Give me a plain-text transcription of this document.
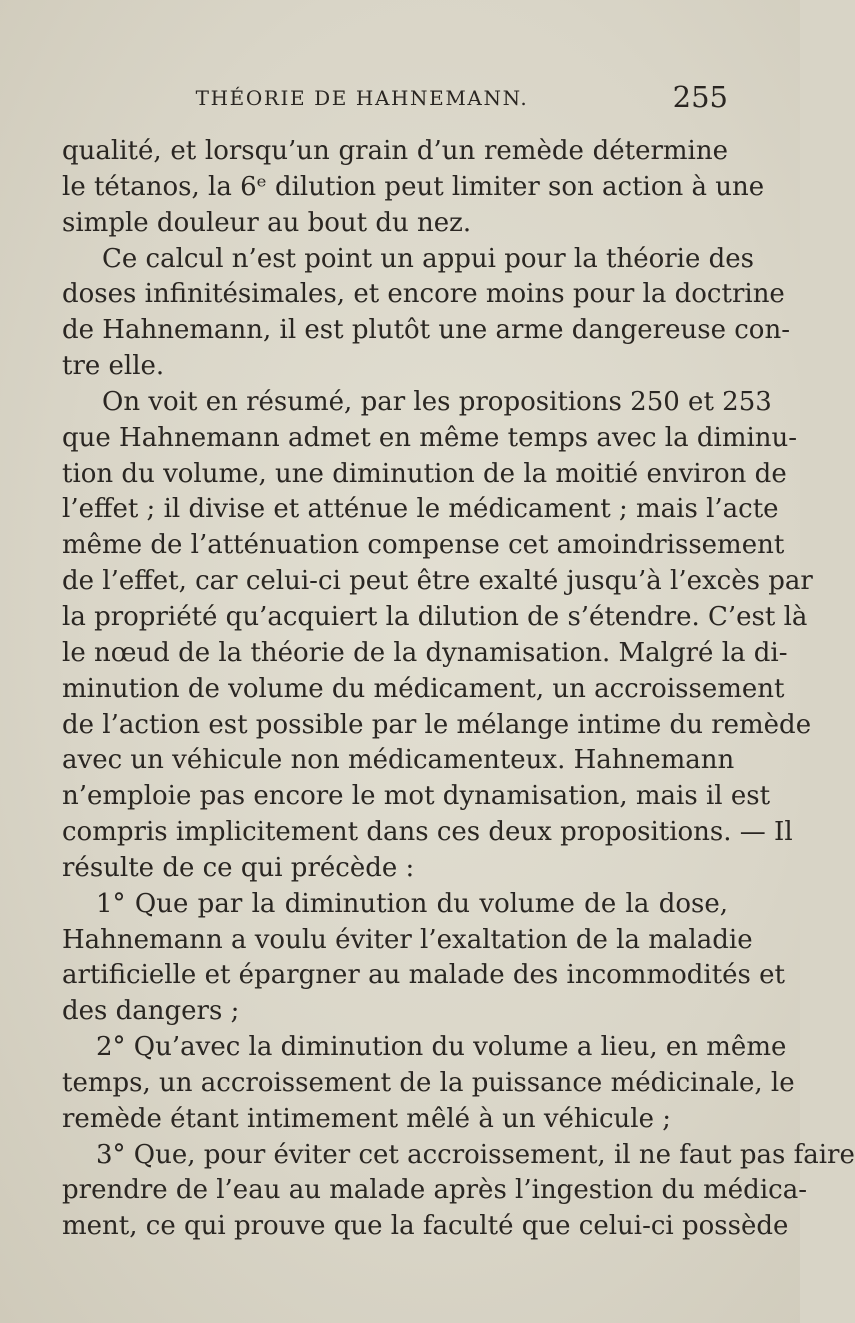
THÉORIE DE HAHNEMANN.	255
qualité, et lorsqu’un grain d’un remède détermine
le tétanos, la 6ᵉ dilution peut limiter son action à une
simple douleur au bout du nez.
Ce calcul n’est point un appui pour la théorie des
doses infinitésimales, et encore moins pour la doctrine
de Hahnemann, il est plutôt une arme dangereuse con-
tre elle.
On voit en résumé, par les propositions 250 et 253
que Hahnemann admet en même temps avec la diminu-
tion du volume, une diminution de la moitié environ de
l’effet ; il divise et atténue le médicament ; mais l’acte
même de l’atténuation compense cet amoindrissement
de l’effet, car celui-ci peut être exalté jusqu’à l’excès par
la propriété qu’acquiert la dilution de s’étendre. C’est là
le nœud de la théorie de la dynamisation. Malgré la di-
minution de volume du médicament, un accroissement
de l’action est possible par le mélange intime du remède
avec un véhicule non médicamenteux. Hahnemann
n’emploie pas encore le mot dynamisation, mais il est
compris implicitement dans ces deux propositions. — Il
résulte de ce qui précède :
1° Que par la diminution du volume de la dose,
Hahnemann a voulu éviter l’exaltation de la maladie
artificielle et épargner au malade des incommodités et
des dangers ;
2° Qu’avec la diminution du volume a lieu, en même
temps, un accroissement de la puissance médicinale, le
remède étant intimement mêlé à un véhicule ;
3° Que, pour éviter cet accroissement, il ne faut pas faire
prendre de l’eau au malade après l’ingestion du médica-
ment, ce qui prouve que la faculté que celui-ci possède
